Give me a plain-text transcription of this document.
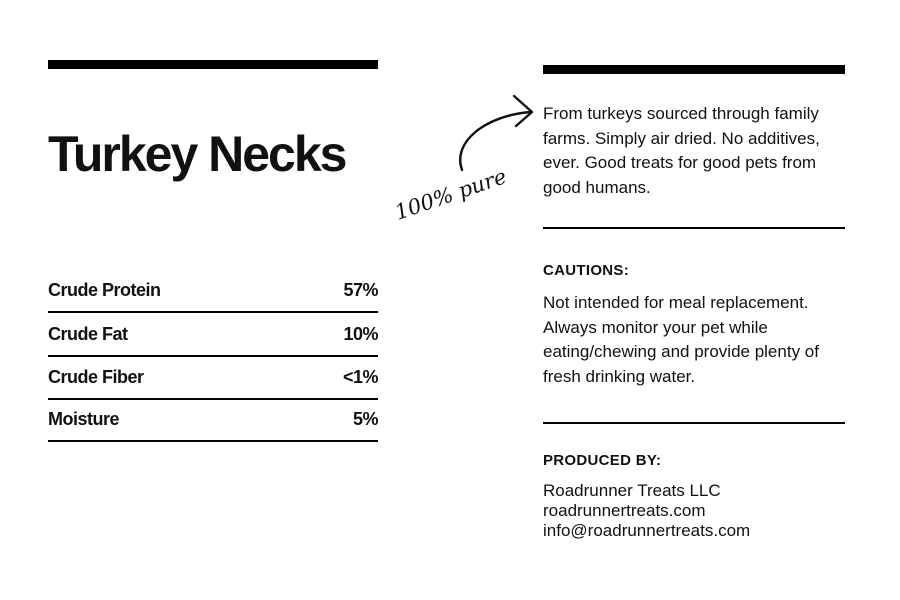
Turkey Necks
Crude Protein	57%
Crude Fat	10%
Crude Fiber	<1%
Moisture	5%
100% pure
From turkeys sourced through family farms. Simply air dried. No additives, ever. Good treats for good pets from good humans.
CAUTIONS:
Not intended for meal replacement. Always monitor your pet while eating/chewing and provide plenty of fresh drinking water.
PRODUCED BY:
Roadrunner Treats LLC
roadrunnertreats.com
info@roadrunnertreats.com
